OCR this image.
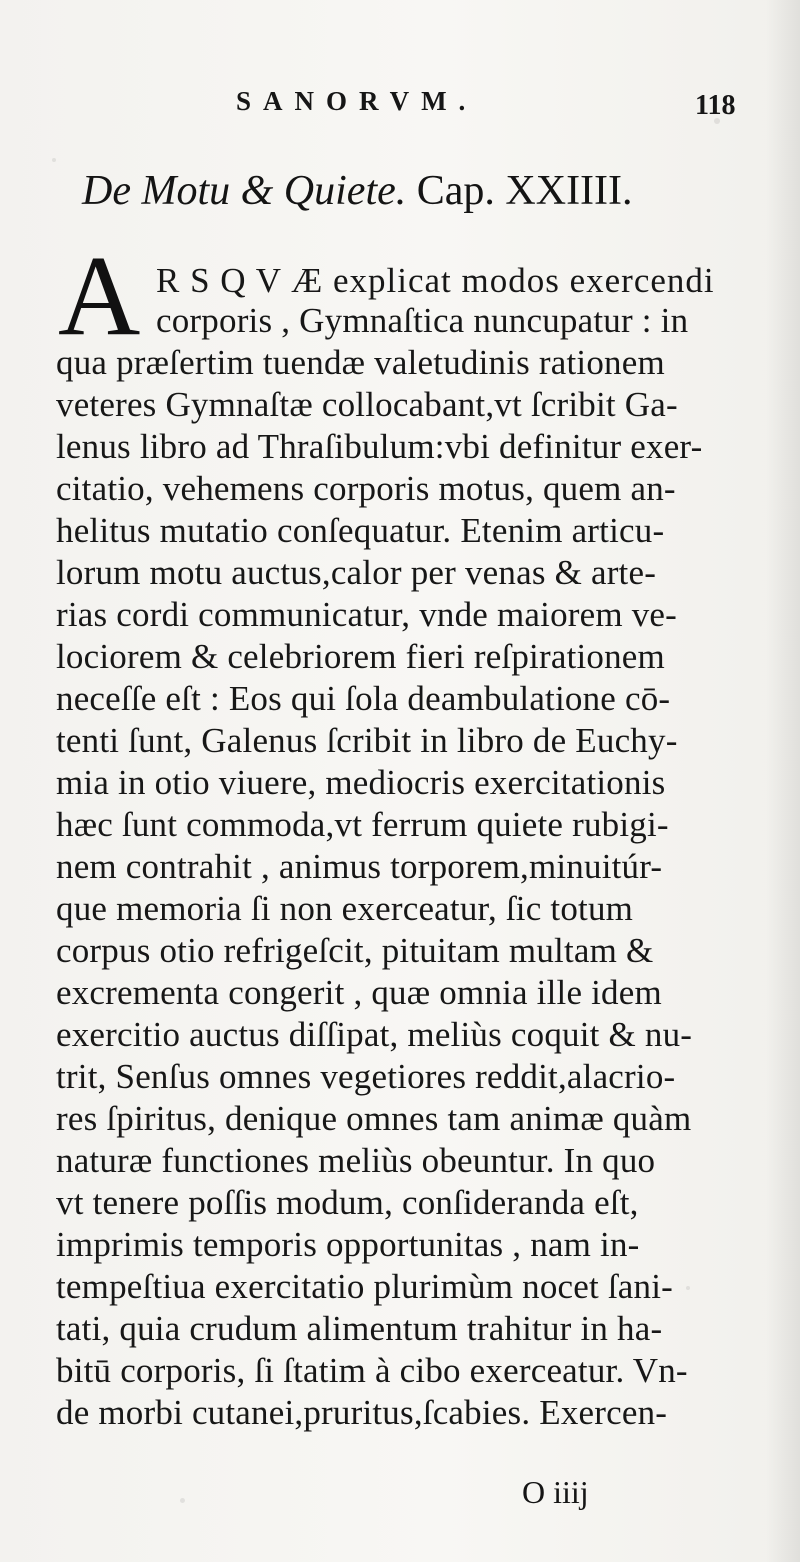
SANORVM.	118
De Motu & Quiete. Cap. XXIIII.
A R S Q V Æ explicat modos exercendi
corporis , Gymnaſtica nuncupatur : in
qua præſertim tuendæ valetudinis rationem
veteres Gymnaſtæ collocabant,vt ſcribit Ga-
lenus libro ad Thraſibulum:vbi definitur exer-
citatio, vehemens corporis motus, quem an-
helitus mutatio conſequatur. Etenim articu-
lorum motu auctus,calor per venas & arte-
rias cordi communicatur, vnde maiorem ve-
lociorem & celebriorem fieri reſpirationem
neceſſe eſt : Eos qui ſola deambulatione cō-
tenti ſunt, Galenus ſcribit in libro de Euchy-
mia in otio viuere, mediocris exercitationis
hæc ſunt commoda,vt ferrum quiete rubigi-
nem contrahit , animus torporem,minuitúr-
que memoria ſi non exerceatur, ſic totum
corpus otio refrigeſcit, pituitam multam &
excrementa congerit , quæ omnia ille idem
exercitio auctus diſſipat, meliùs coquit & nu-
trit, Senſus omnes vegetiores reddit,alacrio-
res ſpiritus, denique omnes tam animæ quàm
naturæ functiones meliùs obeuntur. In quo
vt tenere poſſis modum, conſideranda eſt,
imprimis temporis opportunitas , nam in-
tempeſtiua exercitatio plurimùm nocet ſani-
tati, quia crudum alimentum trahitur in ha-
bitū corporis, ſi ſtatim à cibo exerceatur. Vn-
de morbi cutanei,pruritus,ſcabies. Exercen-
O iiij
